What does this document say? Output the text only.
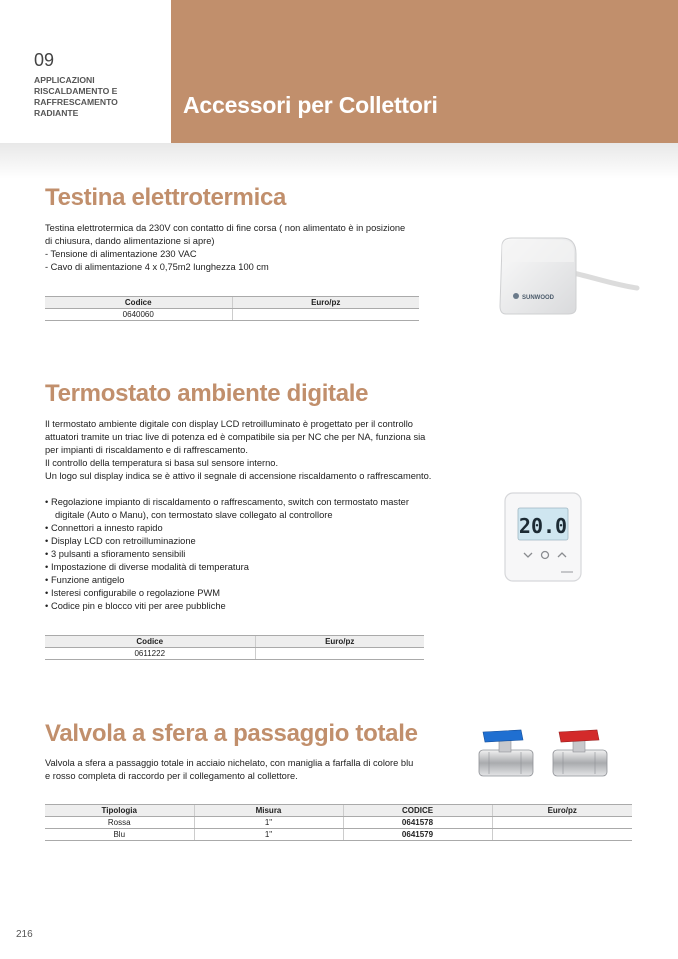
09
APPLICAZIONI
RISCALDAMENTO E
RAFFRESCAMENTO
RADIANTE	Accessori per Collettori
Testina elettrotermica

Testina elettrotermica da 230V con contatto di fine corsa ( non alimentato è in posizione

di chiusura, dando alimentazione si apre)

- Tensione di alimentazione 230 VAC

- Cavo di alimentazione 4 x 0,75m2 lunghezza 100 cm

Codice	Euro/pz
0640060	
SUNWOOD
Termostato ambiente digitale

Il termostato ambiente digitale con display LCD retroilluminato è progettato per il controllo

attuatori tramite un triac live di potenza ed è compatibile sia per NC che per NA, funziona sia

per impianti di riscaldamento e di raffrescamento.

Il controllo della temperatura si basa sul sensore interno.

Un logo sul display indica se è attivo il segnale di accensione riscaldamento o raffrescamento.

• Regolazione impianto di riscaldamento o raffrescamento, switch con termostato master
digitale (Auto o Manu), con termostato slave collegato al controllore
• Connettori a innesto rapido
• Display LCD con retroilluminazione
• 3 pulsanti a sfioramento sensibili
• Impostazione di diverse modalità di temperatura
• Funzione antigelo
• Isteresi configurabile o regolazione PWM
• Codice pin e blocco viti per aree pubbliche
Codice	Euro/pz
0611222	
20.0
Valvola a sfera a passaggio totale

Valvola a sfera a passaggio totale in acciaio nichelato, con maniglia a farfalla di colore blu

e rosso completa di raccordo per il collegamento al collettore.

Tipologia	Misura	CODICE	Euro/pz
Rossa	1"	0641578	
Blu	1"	0641579	
216
